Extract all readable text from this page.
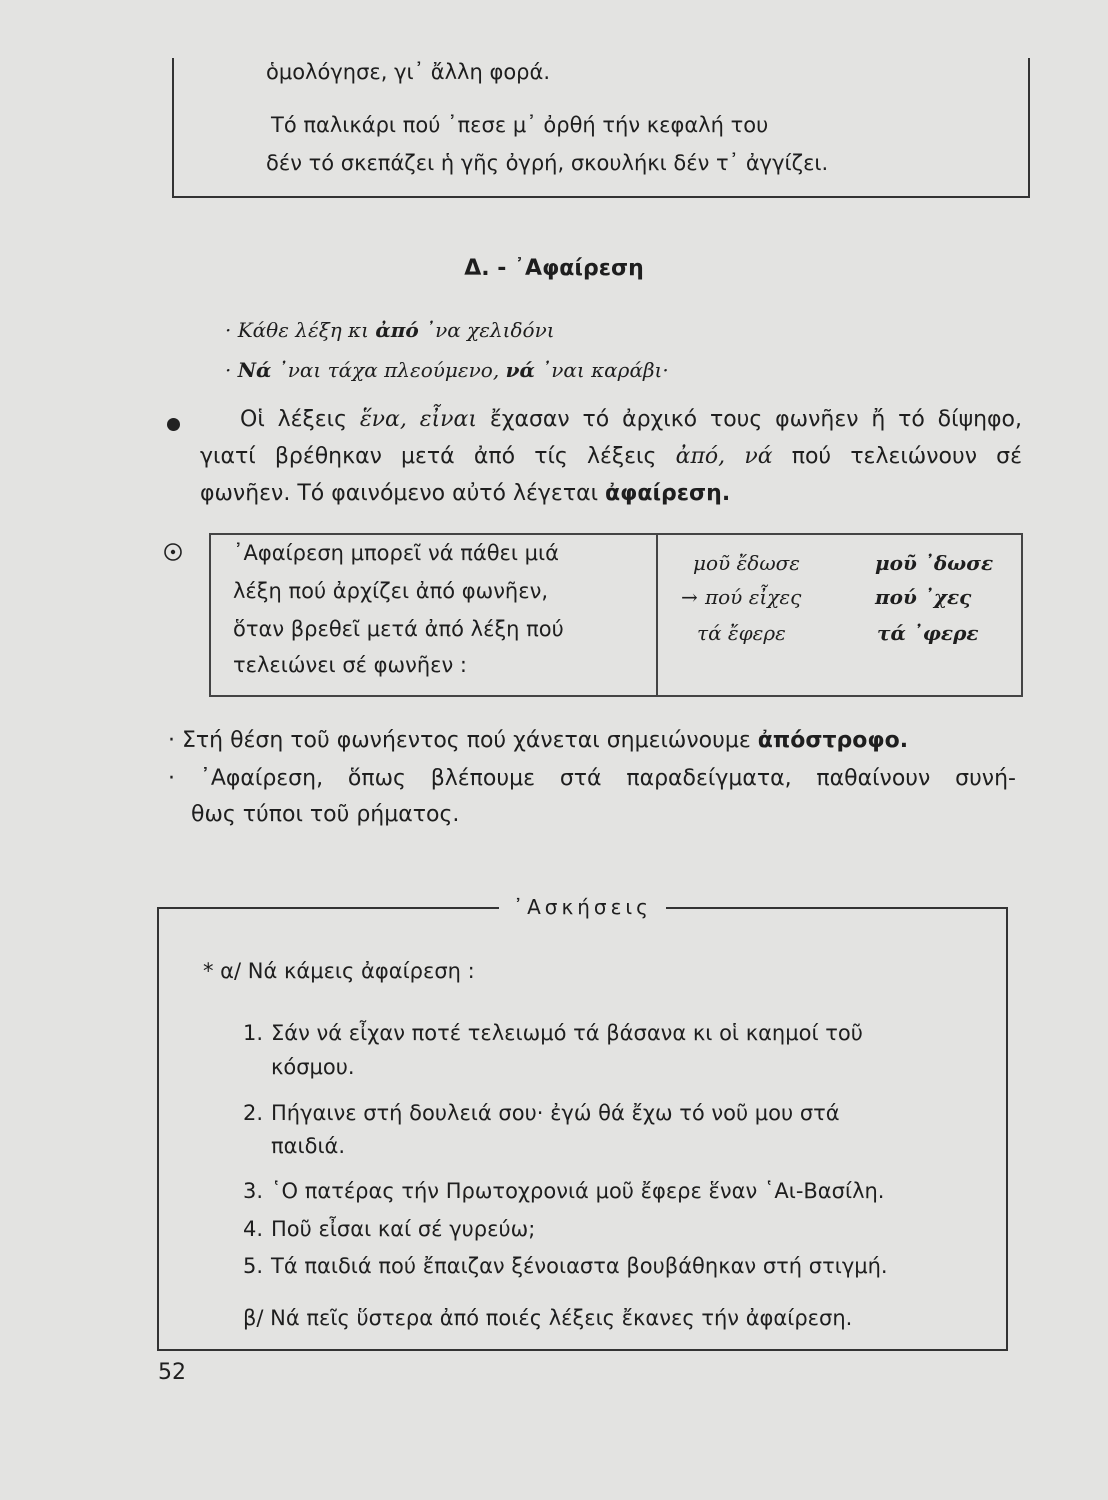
ὁμολόγησε, γι᾽ ἄλλη φορά.
Τό παλικάρι πού ᾽πεσε μ᾽ ὀρθή τήν κεφαλή του
δέν τό σκεπάζει ἡ γῆς ὀγρή, σκουλήκι δέν τ᾽ ἀγγίζει.
Δ. - ᾽Αφαίρεση
· Κάθε λέξη κι ἀπό ᾽να χελιδόνι
· Νά ᾽ναι τάχα πλεούμενο, νά ᾽ναι καράβι·
Οἱ λέξεις ἕνα, εἶναι ἔχασαν τό ἀρχικό τους φωνῆεν ἤ τό δίψηφο,
γιατί βρέθηκαν μετά ἀπό τίς λέξεις ἀπό, νά πού τελειώνουν σέ
φωνῆεν. Τό φαινόμενο αὐτό λέγεται ἀφαίρεση.
᾽Αφαίρεση μπορεῖ νά πάθει μιά
λέξη πού ἀρχίζει ἀπό φωνῆεν,
ὅταν βρεθεῖ μετά ἀπό λέξη πού
τελειώνει σέ φωνῆεν :
μοῦ ἔδωσε
→ πού εἶχες
τά ἔφερε
μοῦ ᾽δωσε
πού ᾽χες
τά ᾽φερε
· Στή θέση τοῦ φωνήεντος πού χάνεται σημειώνουμε ἀπόστροφο.
· ᾽Αφαίρεση, ὅπως βλέπουμε στά παραδείγματα, παθαίνουν συνή-
θως τύποι τοῦ ρήματος.
᾽Ασκήσεις
* α/ Νά κάμεις ἀφαίρεση :
1. Σάν νά εἶχαν ποτέ τελειωμό τά βάσανα κι οἱ καημοί τοῦ
κόσμου.
2. Πήγαινε στή δουλειά σου· ἐγώ θά ἔχω τό νοῦ μου στά
παιδιά.
3. ῾Ο πατέρας τήν Πρωτοχρονιά μοῦ ἔφερε ἕναν ῾Αι-Βασίλη.
4. Ποῦ εἶσαι καί σέ γυρεύω;
5. Τά παιδιά πού ἔπαιζαν ξένοιαστα βουβάθηκαν στή στιγμή.
β/ Νά πεῖς ὕστερα ἀπό ποιές λέξεις ἔκανες τήν ἀφαίρεση.
52
